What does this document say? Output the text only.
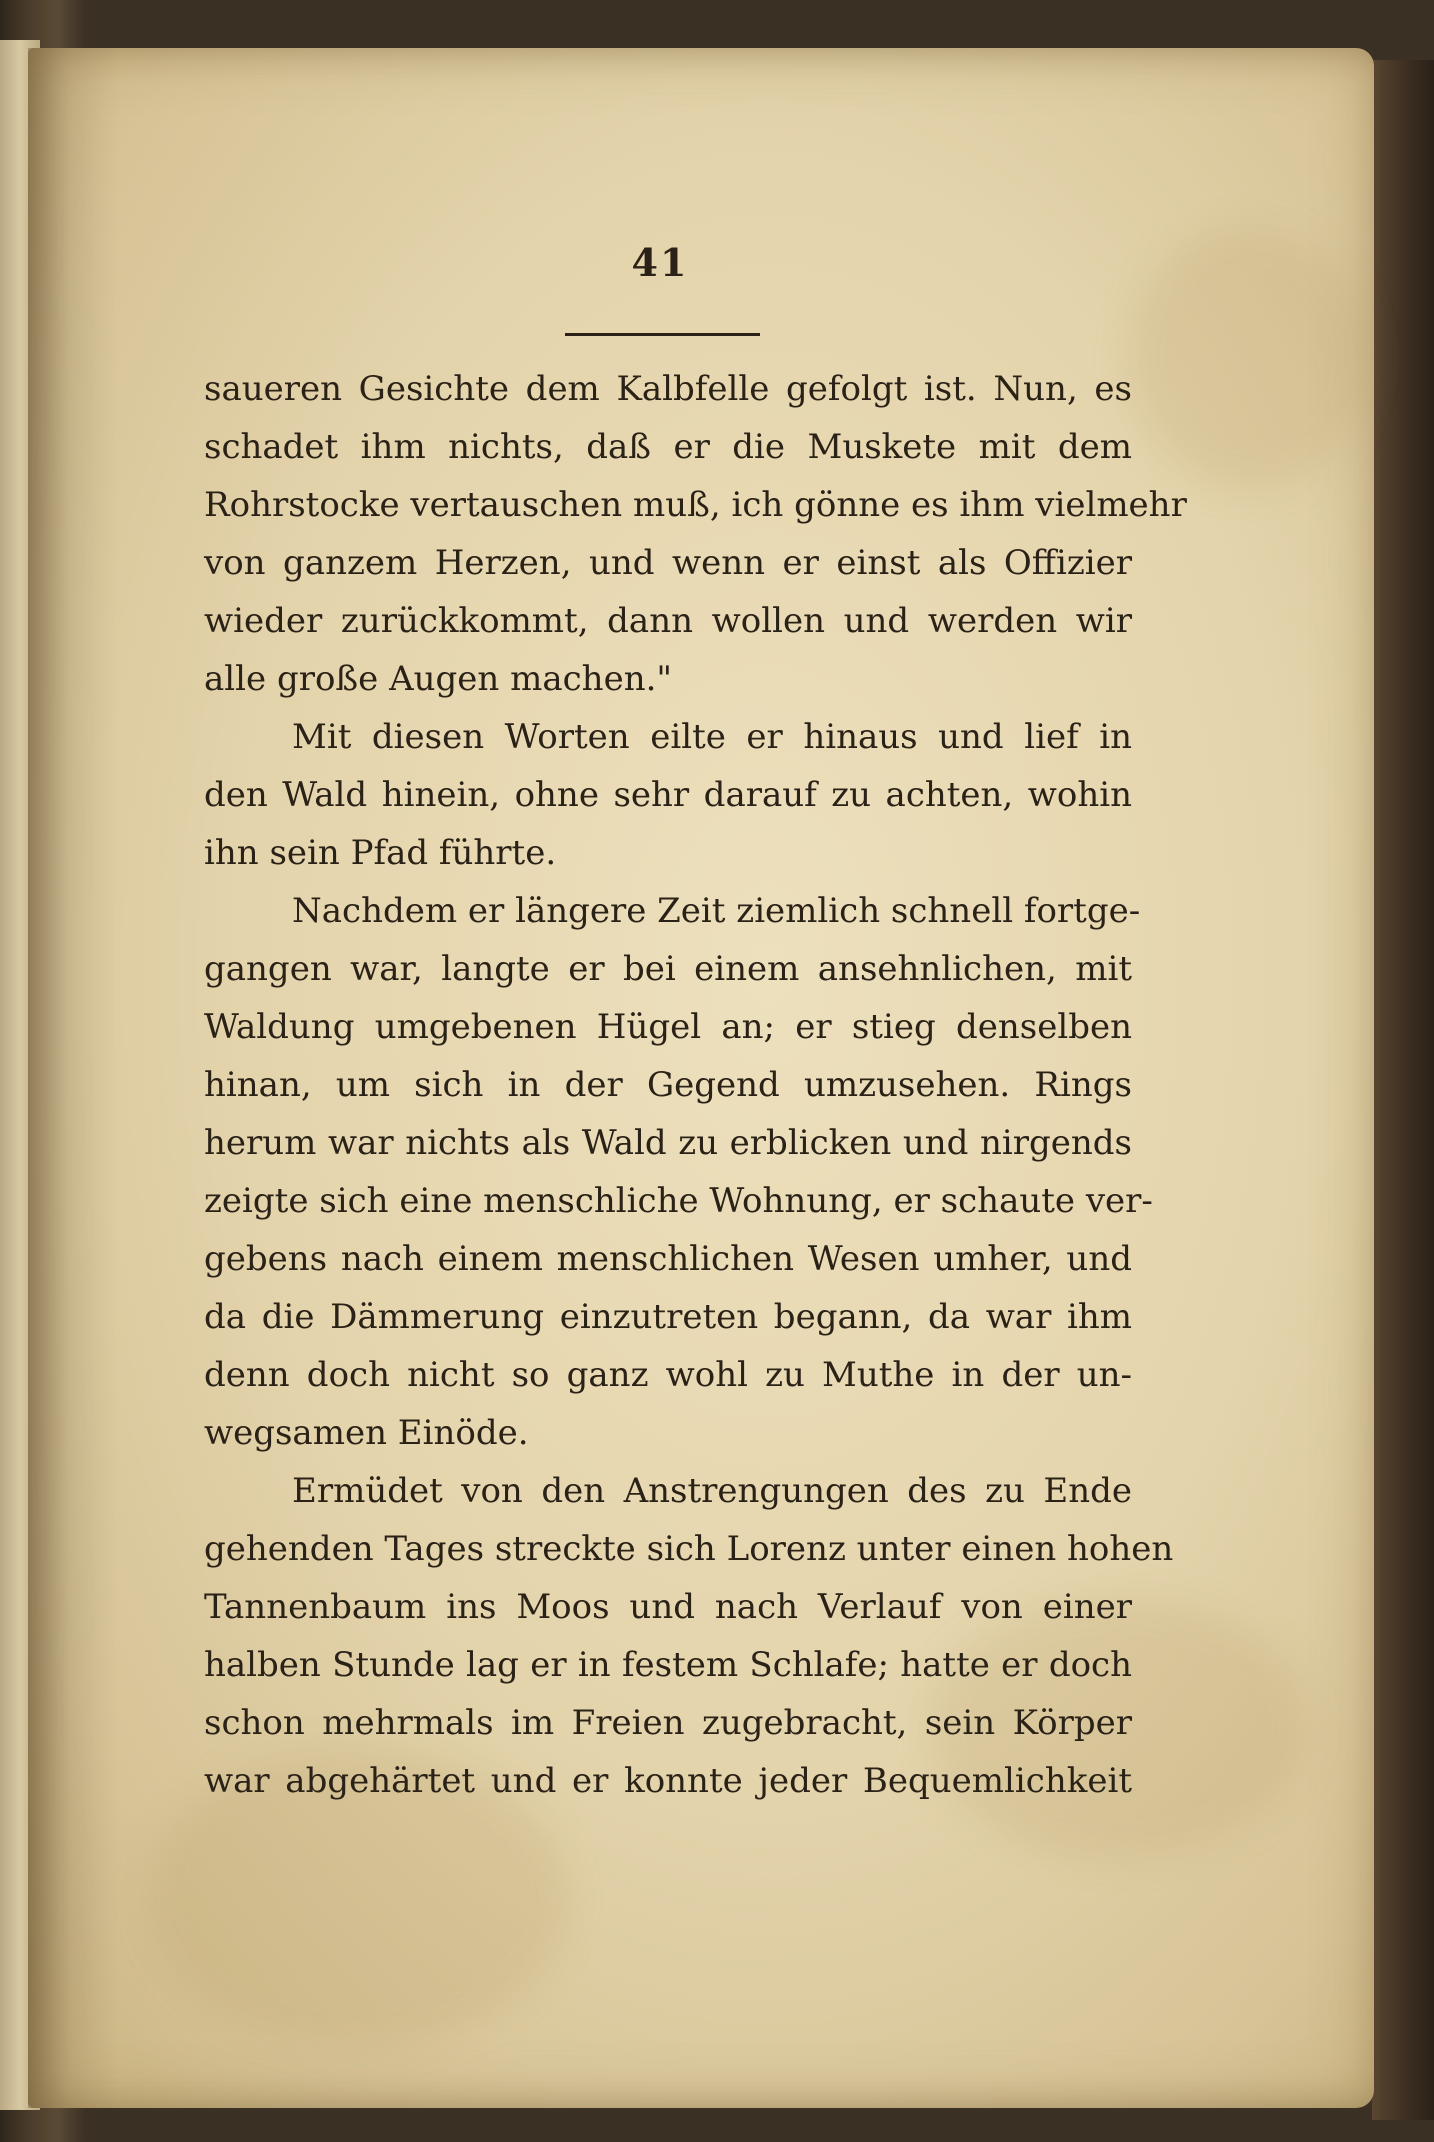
41
saueren Gesichte dem Kalbfelle gefolgt ist. Nun, es
schadet ihm nichts, daß er die Muskete mit dem
Rohrstocke vertauschen muß, ich gönne es ihm vielmehr
von ganzem Herzen, und wenn er einst als Offizier
wieder zurückkommt, dann wollen und werden wir
alle große Augen machen."
Mit diesen Worten eilte er hinaus und lief in
den Wald hinein, ohne sehr darauf zu achten, wohin
ihn sein Pfad führte.
Nachdem er längere Zeit ziemlich schnell fortge-
gangen war, langte er bei einem ansehnlichen, mit
Waldung umgebenen Hügel an; er stieg denselben
hinan, um sich in der Gegend umzusehen. Rings
herum war nichts als Wald zu erblicken und nirgends
zeigte sich eine menschliche Wohnung, er schaute ver-
gebens nach einem menschlichen Wesen umher, und
da die Dämmerung einzutreten begann, da war ihm
denn doch nicht so ganz wohl zu Muthe in der un-
wegsamen Einöde.
Ermüdet von den Anstrengungen des zu Ende
gehenden Tages streckte sich Lorenz unter einen hohen
Tannenbaum ins Moos und nach Verlauf von einer
halben Stunde lag er in festem Schlafe; hatte er doch
schon mehrmals im Freien zugebracht, sein Körper
war abgehärtet und er konnte jeder Bequemlichkeit
